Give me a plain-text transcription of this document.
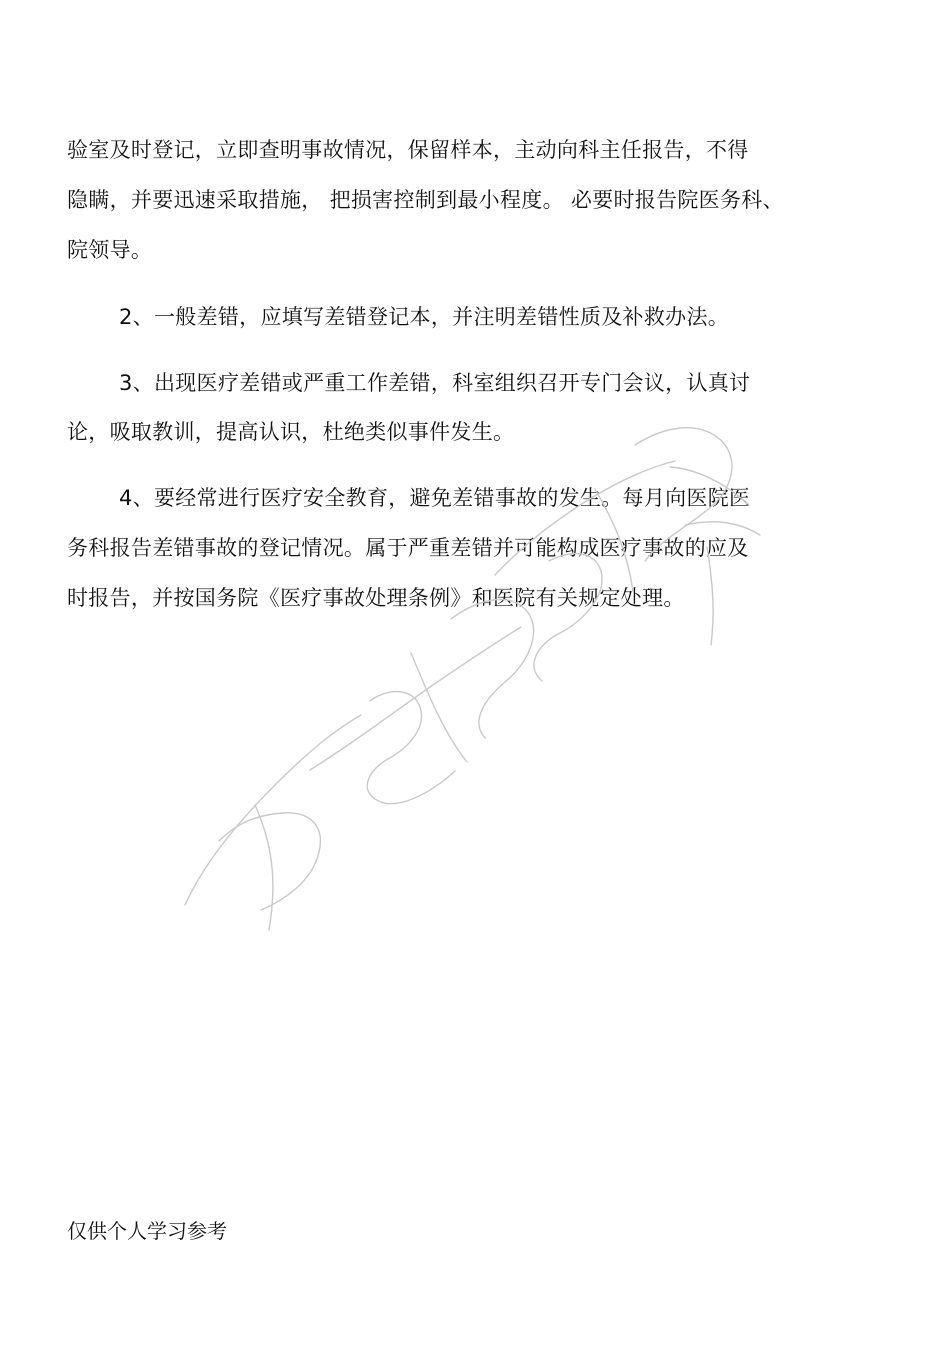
验室及时登记，立即查明事故情况，保留样本，主动向科主任报告，不得
隐瞒，并要迅速采取措施， 把损害控制到最小程度。 必要时报告院医务科、
院领导。
2、一般差错，应填写差错登记本，并注明差错性质及补救办法。
3、出现医疗差错或严重工作差错，科室组织召开专门会议，认真讨
论，吸取教训，提高认识，杜绝类似事件发生。
4、要经常进行医疗安全教育，避免差错事故的发生。每月向医院医
务科报告差错事故的登记情况。属于严重差错并可能构成医疗事故的应及
时报告，并按国务院《医疗事故处理条例》和医院有关规定处理。
仅供个人学习参考
